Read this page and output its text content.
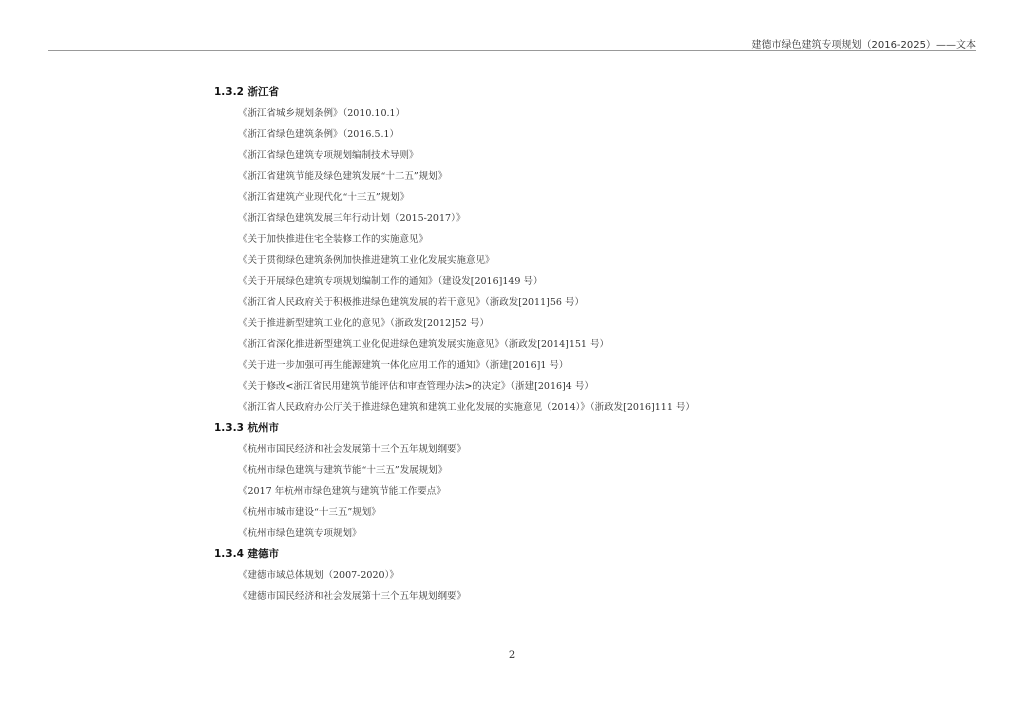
建德市绿色建筑专项规划（2016-2025）——文本
1.3.2 浙江省
《浙江省城乡规划条例》（2010.10.1）
《浙江省绿色建筑条例》（2016.5.1）
《浙江省绿色建筑专项规划编制技术导则》
《浙江省建筑节能及绿色建筑发展“十二五”规划》
《浙江省建筑产业现代化“十三五”规划》
《浙江省绿色建筑发展三年行动计划（2015-2017）》
《关于加快推进住宅全装修工作的实施意见》
《关于贯彻绿色建筑条例加快推进建筑工业化发展实施意见》
《关于开展绿色建筑专项规划编制工作的通知》（建设发[2016]149 号）
《浙江省人民政府关于积极推进绿色建筑发展的若干意见》（浙政发[2011]56 号）
《关于推进新型建筑工业化的意见》（浙政发[2012]52 号）
《浙江省深化推进新型建筑工业化促进绿色建筑发展实施意见》（浙政发[2014]151 号）
《关于进一步加强可再生能源建筑一体化应用工作的通知》（浙建[2016]1 号）
《关于修改<浙江省民用建筑节能评估和审查管理办法>的决定》（浙建[2016]4 号）
《浙江省人民政府办公厅关于推进绿色建筑和建筑工业化发展的实施意见（2014）》（浙政发[2016]111 号）
1.3.3 杭州市
《杭州市国民经济和社会发展第十三个五年规划纲要》
《杭州市绿色建筑与建筑节能“十三五”发展规划》
《2017 年杭州市绿色建筑与建筑节能工作要点》
《杭州市城市建设“十三五”规划》
《杭州市绿色建筑专项规划》
1.3.4 建德市
《建德市域总体规划（2007-2020）》
《建德市国民经济和社会发展第十三个五年规划纲要》
2
